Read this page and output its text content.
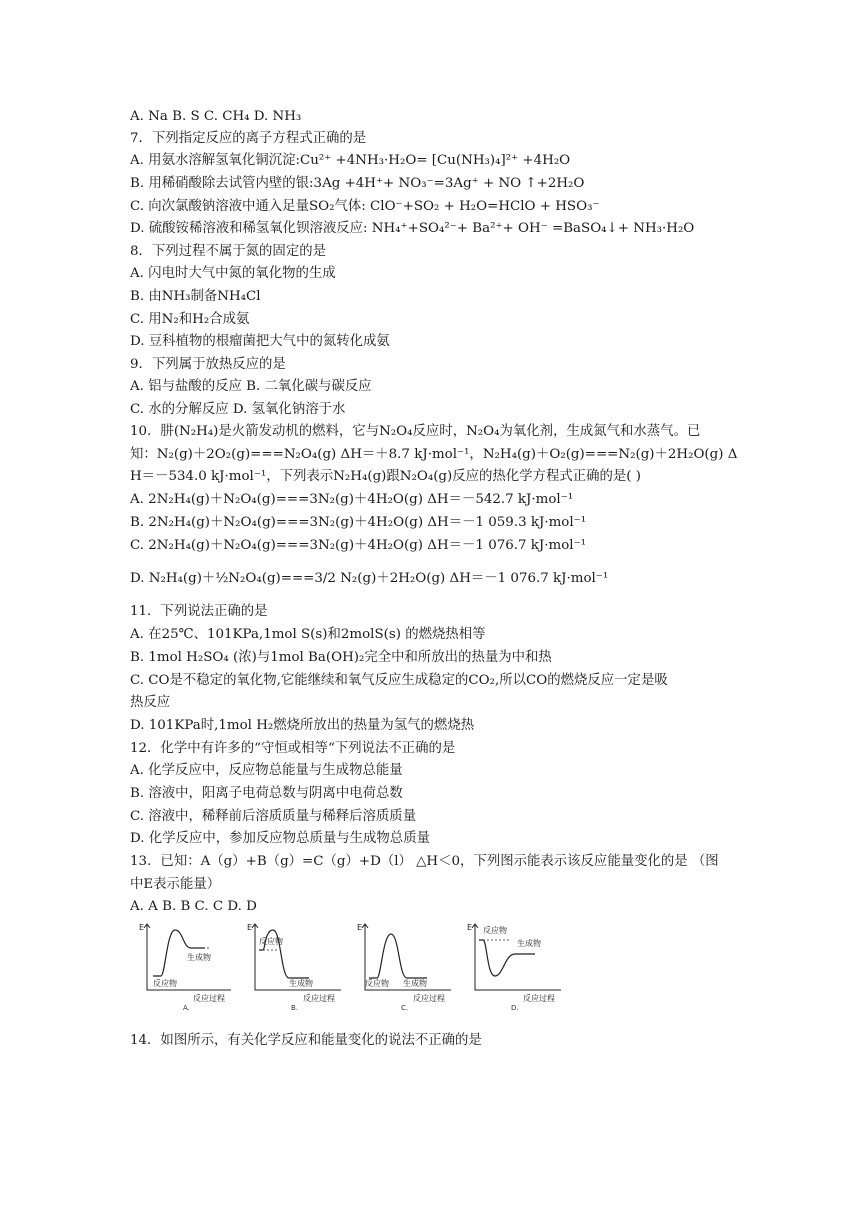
A. Na B. S C. CH₄ D. NH₃
7．下列指定反应的离子方程式正确的是
A. 用氨水溶解氢氧化铜沉淀:Cu²⁺ +4NH₃·H₂O= [Cu(NH₃)₄]²⁺ +4H₂O
B. 用稀硝酸除去试管内壁的银:3Ag +4H⁺+ NO₃⁻=3Ag⁺ + NO ↑+2H₂O
C. 向次氯酸钠溶液中通入足量SO₂气体: ClO⁻+SO₂ + H₂O=HClO + HSO₃⁻
D. 硫酸铵稀溶液和稀氢氧化钡溶液反应: NH₄⁺+SO₄²⁻+ Ba²⁺+ OH⁻ =BaSO₄↓+ NH₃·H₂O
8．下列过程不属于氮的固定的是
A. 闪电时大气中氮的氧化物的生成
B. 由NH₃制备NH₄Cl
C. 用N₂和H₂合成氨
D. 豆科植物的根瘤菌把大气中的氮转化成氨
9．下列属于放热反应的是
A. 铝与盐酸的反应 B. 二氧化碳与碳反应
C. 水的分解反应 D. 氢氧化钠溶于水
10．肼(N₂H₄)是火箭发动机的燃料，它与N₂O₄反应时，N₂O₄为氧化剂，生成氮气和水蒸气。已
知：N₂(g)＋2O₂(g)===N₂O₄(g) ΔH＝＋8.7 kJ·mol⁻¹，N₂H₄(g)＋O₂(g)===N₂(g)＋2H₂O(g) Δ
H＝－534.0 kJ·mol⁻¹，下列表示N₂H₄(g)跟N₂O₄(g)反应的热化学方程式正确的是( )
A. 2N₂H₄(g)＋N₂O₄(g)===3N₂(g)＋4H₂O(g) ΔH＝－542.7 kJ·mol⁻¹
B. 2N₂H₄(g)＋N₂O₄(g)===3N₂(g)＋4H₂O(g) ΔH＝－1 059.3 kJ·mol⁻¹
C. 2N₂H₄(g)＋N₂O₄(g)===3N₂(g)＋4H₂O(g) ΔH＝－1 076.7 kJ·mol⁻¹
D. N₂H₄(g)＋½N₂O₄(g)===3/2 N₂(g)＋2H₂O(g) ΔH＝－1 076.7 kJ·mol⁻¹
11．下列说法正确的是
A. 在25℃、101KPa,1mol S(s)和2molS(s) 的燃烧热相等
B. 1mol H₂SO₄ (浓)与1mol Ba(OH)₂完全中和所放出的热量为中和热
C. CO是不稳定的氧化物,它能继续和氧气反应生成稳定的CO₂,所以CO的燃烧反应一定是吸
热反应
D. 101KPa时,1mol H₂燃烧所放出的热量为氢气的燃烧热
12．化学中有许多的“守恒或相等“下列说法不正确的是
A. 化学反应中，反应物总能量与生成物总能量
B. 溶液中，阳离子电荷总数与阴离中电荷总数
C. 溶液中，稀释前后溶质质量与稀释后溶质质量
D. 化学反应中，参加反应物总质量与生成物总质量
13．已知：A（g）+B（g）=C（g）+D（l） △H＜0，下列图示能表示该反应能量变化的是 （图
中E表示能量）
A. A B. B C. C D. D
E
生成物
反应物
反应过程
A.
E
反应物
生成物
反应过程
B.
E
反应物 生成物
反应过程
C.
E 反应物
生成物
反应过程
D.
14．如图所示，有关化学反应和能量变化的说法不正确的是
